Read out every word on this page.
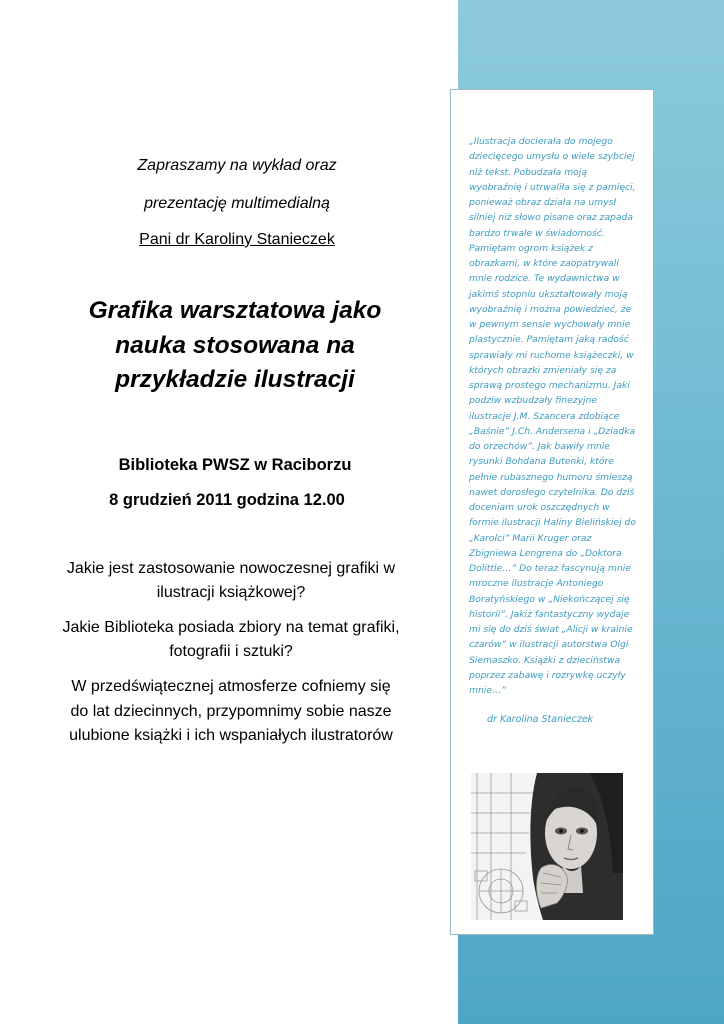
Zapraszamy na wykład oraz

prezentację multimedialną

Pani dr Karoliny Stanieczek

Grafika warsztatowa jako
nauka stosowana na
przykładzie ilustracji

Biblioteka PWSZ w Raciborzu

8 grudzień 2011 godzina 12.00

Jakie jest zastosowanie nowoczesnej grafiki w
ilustracji książkowej?
Jakie Biblioteka posiada zbiory na temat grafiki,
fotografii i sztuki?
W przedświątecznej atmosferze cofniemy się
do lat dziecinnych, przypomnimy sobie nasze
ulubione książki i ich wspaniałych ilustratorów

„Ilustracja docierała do mojego

dziecięcego umysłu o wiele szybciej

niż tekst. Pobudzała moją

wyobraźnię i utrwaliła się z pamięci,

ponieważ obraz działa na umysł

silniej niż słowo pisane oraz zapada

bardzo trwale w świadomość.

Pamiętam ogrom książek z

obrazkami, w które zaopatrywali

mnie rodzice. Te wydawnictwa w

jakimś stopniu ukształtowały moją

wyobraźnię i można powiedzieć, że

w pewnym sensie wychowały mnie

plastycznie. Pamiętam jaką radość

sprawiały mi ruchome książeczki, w

których obrazki zmieniały się za

sprawą prostego mechanizmu. Jaki

podziw wzbudzały finezyjne

ilustracje J.M. Szancera zdobiące

„Baśnie” J.Ch. Andersena i „Dziadka

do orzechów”. Jak bawiły mnie

rysunki Bohdana Butenki, które

pełnie rubasznego humoru śmieszą

nawet dorosłego czytelnika. Do dziś

doceniam urok oszczędnych w

formie ilustracji Haliny Bielińskiej do

„Karolci” Marii Kruger oraz

Zbigniewa Lengrena do „Doktora

Dolittle…” Do teraz fascynują mnie

mroczne ilustracje Antoniego

Boratyńskiego w „Niekończącej się

historii”. Jakiż fantastyczny wydaje

mi się do dziś świat „Alicji w krainie

czarów” w ilustracji autorstwa Olgi

Siemaszko. Książki z dzieciństwa

poprzez zabawę i rozrywkę uczyły

mnie…”

dr Karolina Stanieczek
